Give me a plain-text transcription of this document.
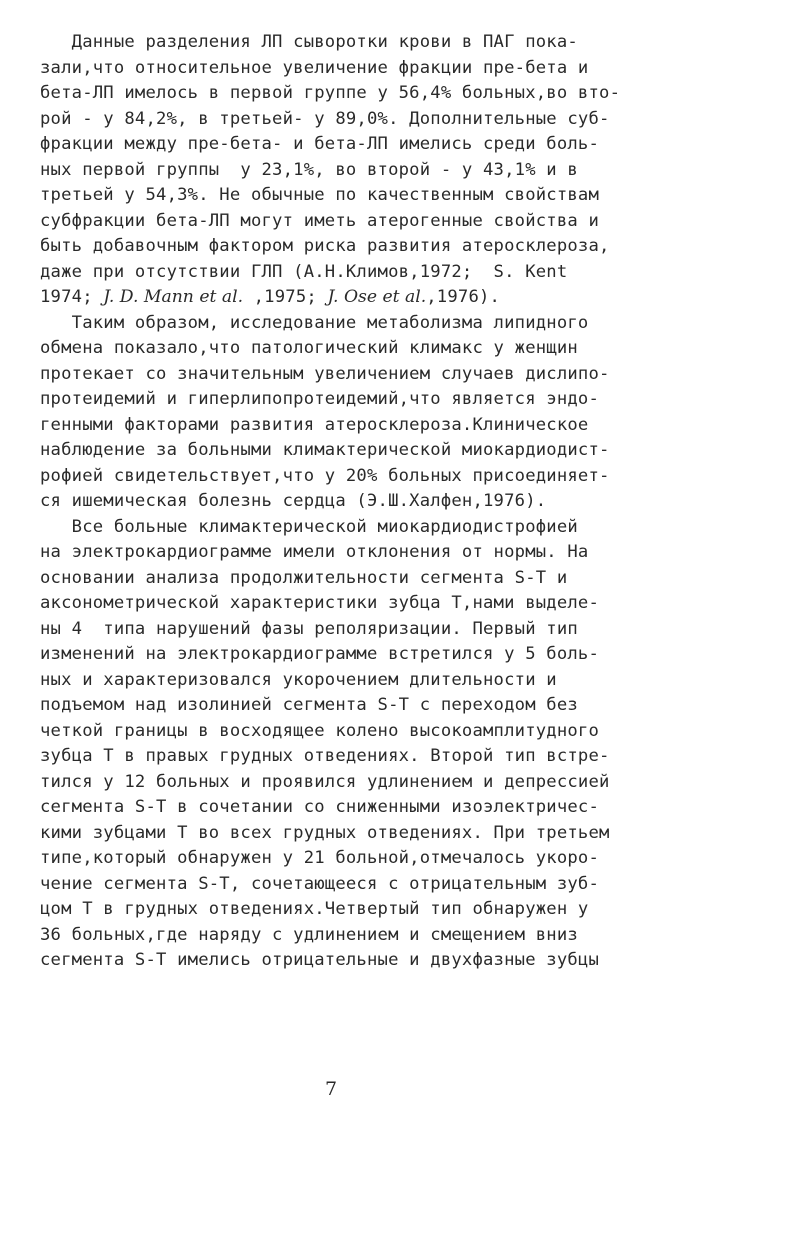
Данные разделения ЛП сыворотки крови в ПАГ пока-
зали,что относительное увеличение фракции пре-бета и
бета-ЛП имелось в первой группе у 56,4% больных,во вто-
рой - у 84,2%, в третьей- у 89,0%. Дополнительные суб-
фракции между пре-бета- и бета-ЛП имелись среди боль-
ных первой группы  у 23,1%, во второй - у 43,1% и в
третьей у 54,3%. Не обычные по качественным свойствам
субфракции бета-ЛП могут иметь атерогенные свойства и
быть добавочным фактором риска развития атеросклероза,
даже при отсутствии ГЛП (А.Н.Климов,1972;  S. Kent
1974; J. D. Mann et al. ,1975; J. Ose et al.,1976).
Таким образом, исследование метаболизма липидного
обмена показало,что патологический климакс у женщин
протекает со значительным увеличением случаев дислипо-
протеидемий и гиперлипопротеидемий,что является эндо-
генными факторами развития атеросклероза.Клиническое
наблюдение за больными климактерической миокардиодист-
рофией свидетельствует,что у 20% больных присоединяет-
ся ишемическая болезнь сердца (Э.Ш.Халфен,1976).
Все больные климактерической миокардиодистрофией
на электрокардиограмме имели отклонения от нормы. На
основании анализа продолжительности сегмента S-T и
аксонометрической характеристики зубца Т,нами выделе-
ны 4  типа нарушений фазы реполяризации. Первый тип
изменений на электрокардиограмме встретился у 5 боль-
ных и характеризовался укорочением длительности и
подъемом над изолинией сегмента S-T с переходом без
четкой границы в восходящее колено высокоамплитудного
зубца Т в правых грудных отведениях. Второй тип встре-
тился у 12 больных и проявился удлинением и депрессией
сегмента S-T в сочетании со сниженными изоэлектричес-
кими зубцами Т во всех грудных отведениях. При третьем
типе,который обнаружен у 21 больной,отмечалось укоро-
чение сегмента S-T, сочетающееся с отрицательным зуб-
цом Т в грудных отведениях.Четвертый тип обнаружен у
36 больных,где наряду с удлинением и смещением вниз
сегмента S-T имелись отрицательные и двухфазные зубцы
7
